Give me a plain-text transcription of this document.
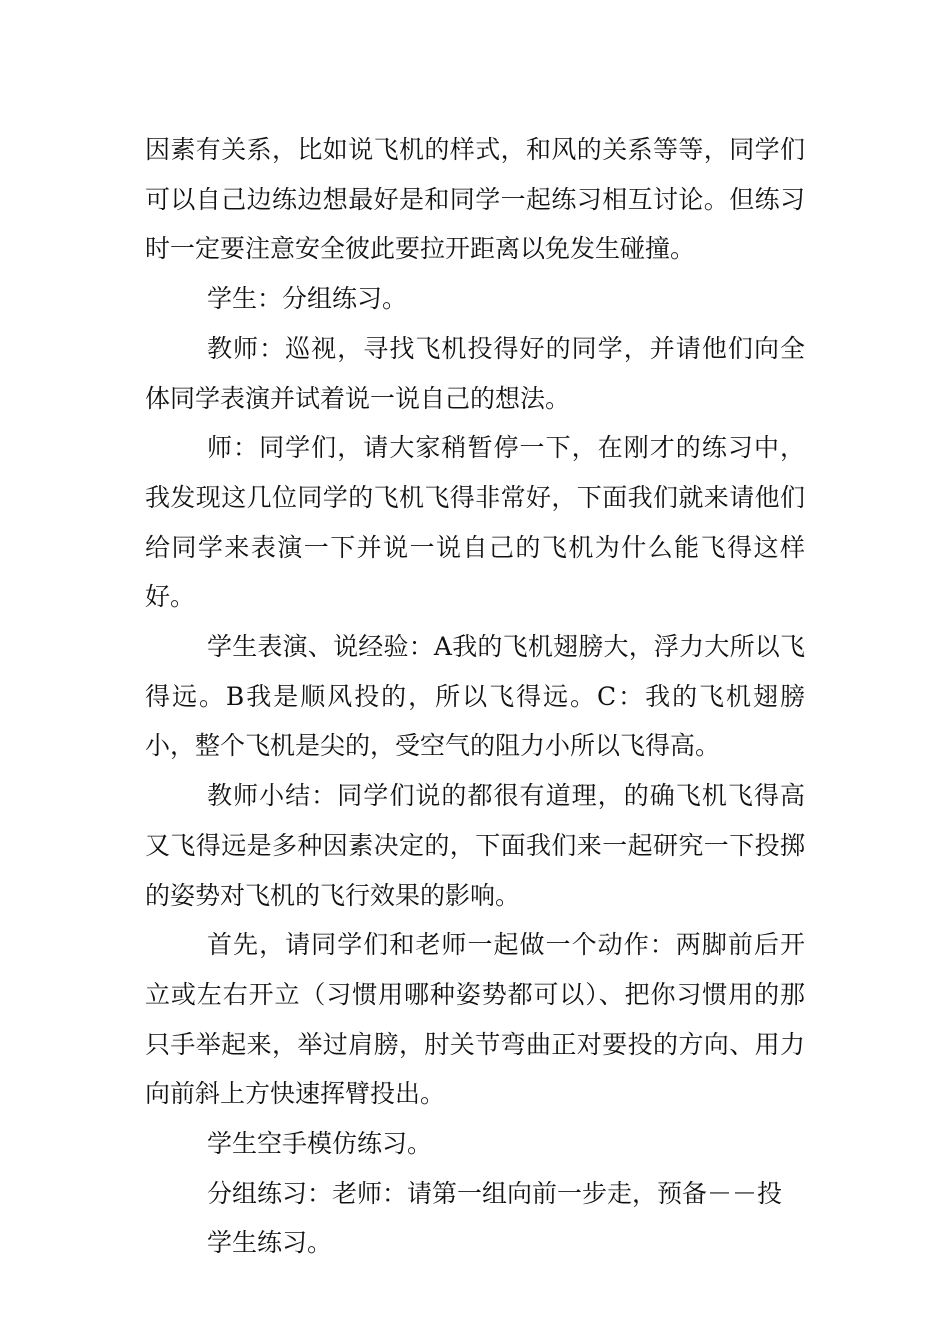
因素有关系，比如说飞机的样式，和风的关系等等，同学们可以自己边练边想最好是和同学一起练习相互讨论。但练习时一定要注意安全彼此要拉开距离以免发生碰撞。

学生：分组练习。

教师：巡视，寻找飞机投得好的同学，并请他们向全体同学表演并试着说一说自己的想法。

师：同学们，请大家稍暂停一下，在刚才的练习中，我发现这几位同学的飞机飞得非常好，下面我们就来请他们给同学来表演一下并说一说自己的飞机为什么能飞得这样好。

学生表演、说经验：A我的飞机翅膀大，浮力大所以飞得远。B我是顺风投的，所以飞得远。C：我的飞机翅膀小，整个飞机是尖的，受空气的阻力小所以飞得高。

教师小结：同学们说的都很有道理，的确飞机飞得高又飞得远是多种因素决定的，下面我们来一起研究一下投掷的姿势对飞机的飞行效果的影响。

首先，请同学们和老师一起做一个动作：两脚前后开立或左右开立（习惯用哪种姿势都可以）、把你习惯用的那只手举起来，举过肩膀，肘关节弯曲正对要投的方向、用力向前斜上方快速挥臂投出。

学生空手模仿练习。

分组练习：老师：请第一组向前一步走，预备－－投

学生练习。
